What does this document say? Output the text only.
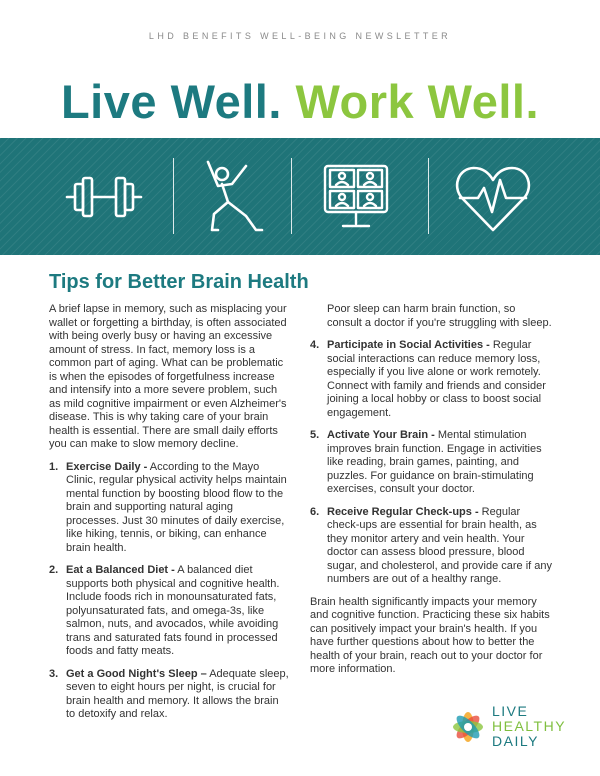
LHD BENEFITS WELL-BEING NEWSLETTER
Live Well. Work Well.
Tips for Better Brain Health

A brief lapse in memory, such as misplacing your wallet or forgetting a birthday, is often associated with being overly busy or having an excessive amount of stress. In fact, memory loss is a common part of aging. What can be problematic is when the episodes of forgetfulness increase and intensify into a more severe problem, such as mild cognitive impairment or even Alzheimer's disease. This is why taking care of your brain health is essential. There are small daily efforts you can make to slow memory decline.

1. Exercise Daily - According to the Mayo Clinic, regular physical activity helps maintain mental function by boosting blood flow to the brain and supporting natural aging processes. Just 30 minutes of daily exercise, like hiking, tennis, or biking, can enhance brain health.
2. Eat a Balanced Diet - A balanced diet supports both physical and cognitive health. Include foods rich in monounsaturated fats, polyunsaturated fats, and omega-3s, like salmon, nuts, and avocados, while avoiding trans and saturated fats found in processed foods and fatty meats.
3. Get a Good Night's Sleep – Adequate sleep, seven to eight hours per night, is crucial for brain health and memory. It allows the brain to detoxify and relax.

Poor sleep can harm brain function, so consult a doctor if you're struggling with sleep.

4. Participate in Social Activities - Regular social interactions can reduce memory loss, especially if you live alone or work remotely. Connect with family and friends and consider joining a local hobby or class to boost social engagement.
5. Activate Your Brain - Mental stimulation improves brain function. Engage in activities like reading, brain games, painting, and puzzles. For guidance on brain-stimulating exercises, consult your doctor.
6. Receive Regular Check-ups - Regular check-ups are essential for brain health, as they monitor artery and vein health. Your doctor can assess blood pressure, blood sugar, and cholesterol, and provide care if any numbers are out of a healthy range.

Brain health significantly impacts your memory and cognitive function. Practicing these six habits can positively impact your brain's health. If you have further questions about how to better the health of your brain, reach out to your doctor for more information.

LIVE
HEALTHY
DAILY
